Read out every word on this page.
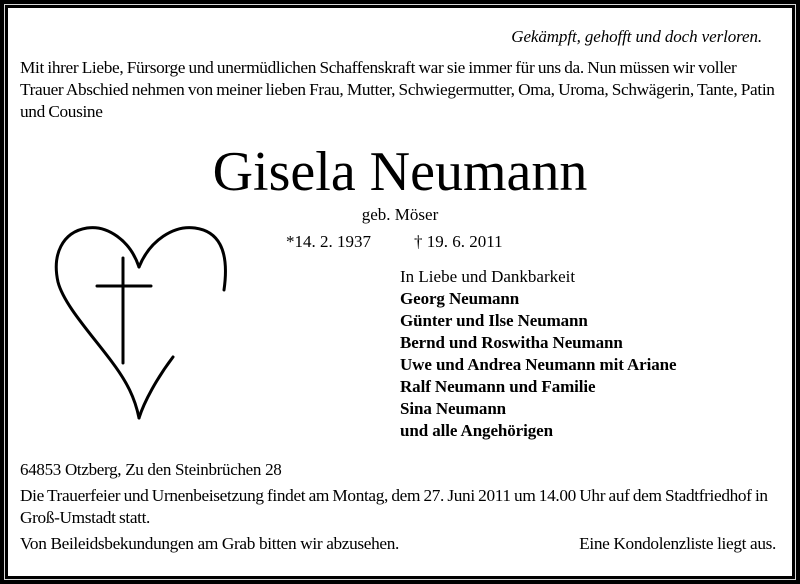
Gekämpft, gehofft und doch verloren.
Mit ihrer Liebe, Fürsorge und unermüdlichen Schaffenskraft war sie immer für uns da. Nun müssen wir voller Trauer Abschied nehmen von meiner lieben Frau, Mutter, Schwiegermutter, Oma, Uroma, Schwägerin, Tante, Patin und Cousine
Gisela Neumann
geb. Möser
*14. 2. 1937	† 19. 6. 2011
In Liebe und Dankbarkeit
Georg Neumann
Günter und Ilse Neumann
Bernd und Roswitha Neumann
Uwe und Andrea Neumann mit Ariane
Ralf Neumann und Familie
Sina Neumann
und alle Angehörigen
64853 Otzberg, Zu den Steinbrüchen 28
Die Trauerfeier und Urnenbeisetzung findet am Montag, dem 27. Juni 2011 um 14.00 Uhr auf dem Stadtfriedhof in Groß-Umstadt statt.
Von Beileidsbekundungen am Grab bitten wir abzusehen.	Eine Kondolenzliste liegt aus.
